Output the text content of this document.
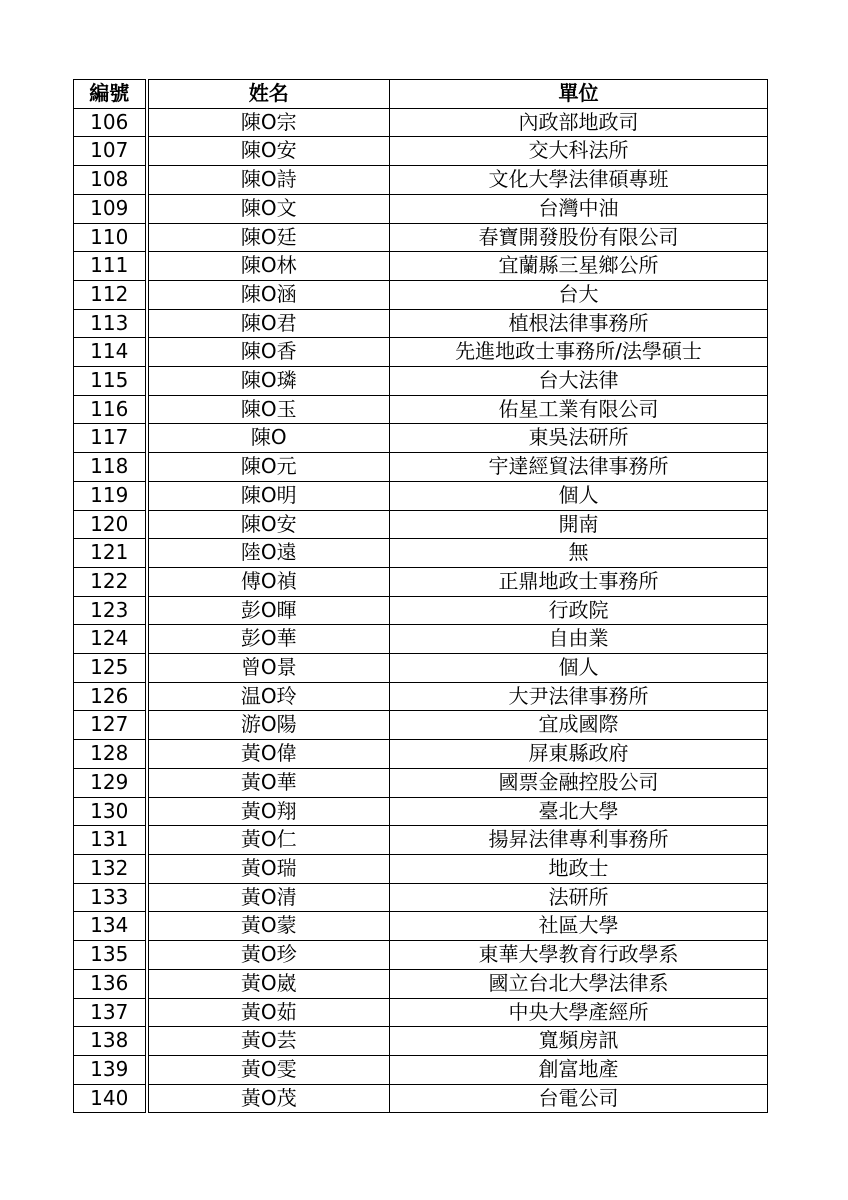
編號	姓名	單位
106	陳O宗	內政部地政司
107	陳O安	交大科法所
108	陳O詩	文化大學法律碩專班
109	陳O文	台灣中油
110	陳O廷	春寶開發股份有限公司
111	陳O林	宜蘭縣三星鄉公所
112	陳O涵	台大
113	陳O君	植根法律事務所
114	陳O香	先進地政士事務所/法學碩士
115	陳O璘	台大法律
116	陳O玉	佑星工業有限公司
117	陳O	東吳法研所
118	陳O元	宇達經貿法律事務所
119	陳O明	個人
120	陳O安	開南
121	陸O遠	無
122	傅O禎	正鼎地政士事務所
123	彭O暉	行政院
124	彭O華	自由業
125	曾O景	個人
126	温O玲	大尹法律事務所
127	游O陽	宜成國際
128	黃O偉	屏東縣政府
129	黃O華	國票金融控股公司
130	黃O翔	臺北大學
131	黃O仁	揚昇法律專利事務所
132	黃O瑞	地政士
133	黃O清	法研所
134	黃O蒙	社區大學
135	黃O珍	東華大學教育行政學系
136	黃O崴	國立台北大學法律系
137	黃O茹	中央大學產經所
138	黃O芸	寬頻房訊
139	黃O雯	創富地產
140	黃O茂	台電公司
